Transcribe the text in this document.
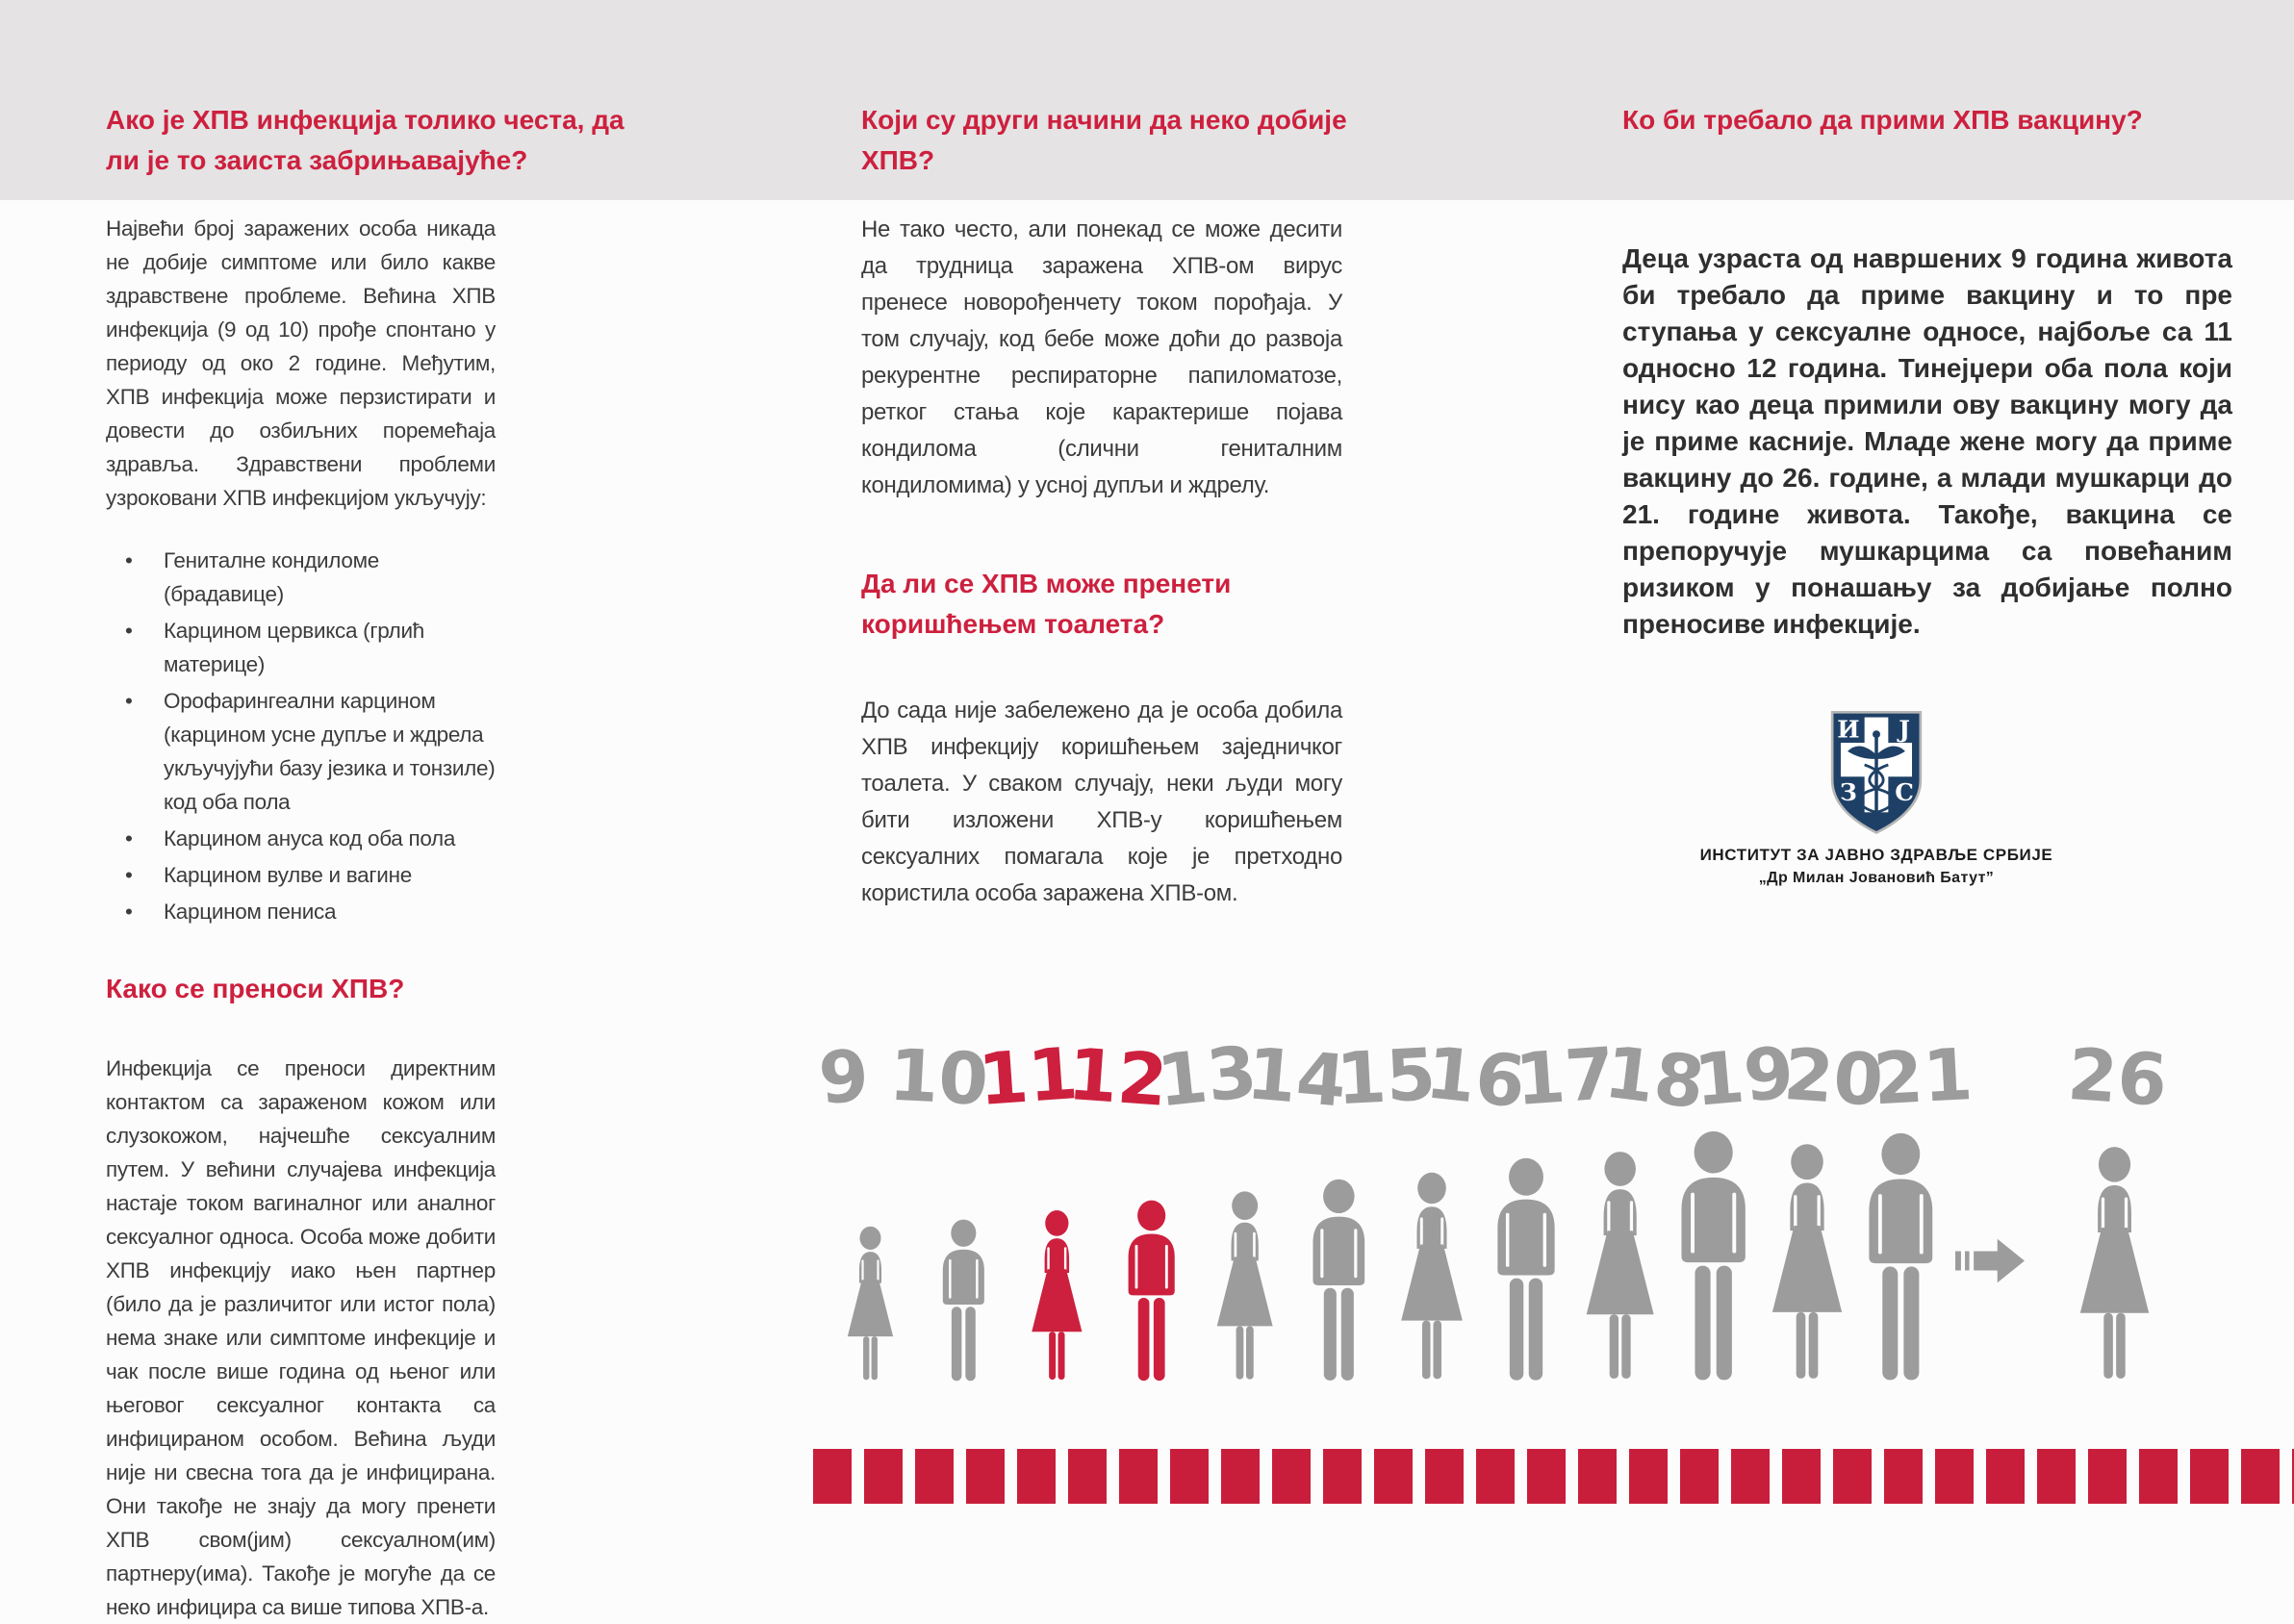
Ако је ХПВ инфекција толико честа, да ли је то заиста забрињавајуће?

Највећи број заражених особа никада не добије симптоме или било какве здравствене проблеме. Већина ХПВ инфекција (9 од 10) прође спонтано у периоду од око 2 године. Међутим, ХПВ инфекција може перзистирати и довести до озбиљних поремећаја здравља. Здравствени проблеми узроковани ХПВ инфекцијом укључују:

• Гениталне кондиломе (брадавице)
• Карцином цервикса (грлић материце)
• Орофарингеални карцином (карцином усне дупље и ждрела укључујући базу језика и тонзиле) код оба пола
• Карцином ануса код оба пола
• Карцином вулве и вагине
• Карцином пениса
Како се преноси ХПВ?

Инфекција се преноси директним контактом са зараженом кожом или слузокожом, најчешће сексуалним путем. У већини случајева инфекција настаје током вагиналног или аналног сексуалног односа. Особа може добити ХПВ инфекцију иако њен партнер (било да је различитог или истог пола) нема знаке или симптоме инфекције и чак после више година од њеног или његовог сексуалног контакта са инфицираном особом. Већина људи није ни свесна тога да је инфицирана. Они такође не знају да могу пренети ХПВ свом(јим) сексуалном(им) партнеру(има). Такође је могуће да се неко инфицира са више типова ХПВ-а.

Који су други начини да неко добије ХПВ?

Не тако често, али понекад се може десити да трудница заражена ХПВ-ом вирус пренесе новорођенчету током порођаја. У том случају, код бебе може доћи до развоја рекурентне респираторне папиломатозе, ретког стања које карактерише појава кондилома (слични гениталним кондиломима) у усној дупљи и ждрелу.

Да ли се ХПВ може пренети коришћењем тоалета?

До сада није забележено да је особа добила ХПВ инфекцију коришћењем заједничког тоалета. У сваком случају, неки људи могу бити изложени ХПВ-у коришћењем сексуалних помагала које је претходно користила особа заражена ХПВ-ом.

Ко би требало да прими ХПВ вакцину?

Деца узраста од навршених 9 година живота би требало да приме вакцину и то пре ступања у сексуалне односе, најбоље са 11 односно 12 година. Тинејџери оба пола који нису као деца примили ову вакцину могу да је приме касније. Младе жене могу да приме вакцину до 26. године, а млади мушкарци до 21. године живота. Такође, вакцина се препоручује мушкарцима са повећаним ризиком у понашању за добијање полно преносиве инфекције.

И Ј
З С
ИНСТИТУТ ЗА ЈАВНО ЗДРАВЉЕ СРБИЈЕ
„Др Милан Јовановић Батут”
9 10
11
12
13
14
15
16
17
18
19
20
21 26
